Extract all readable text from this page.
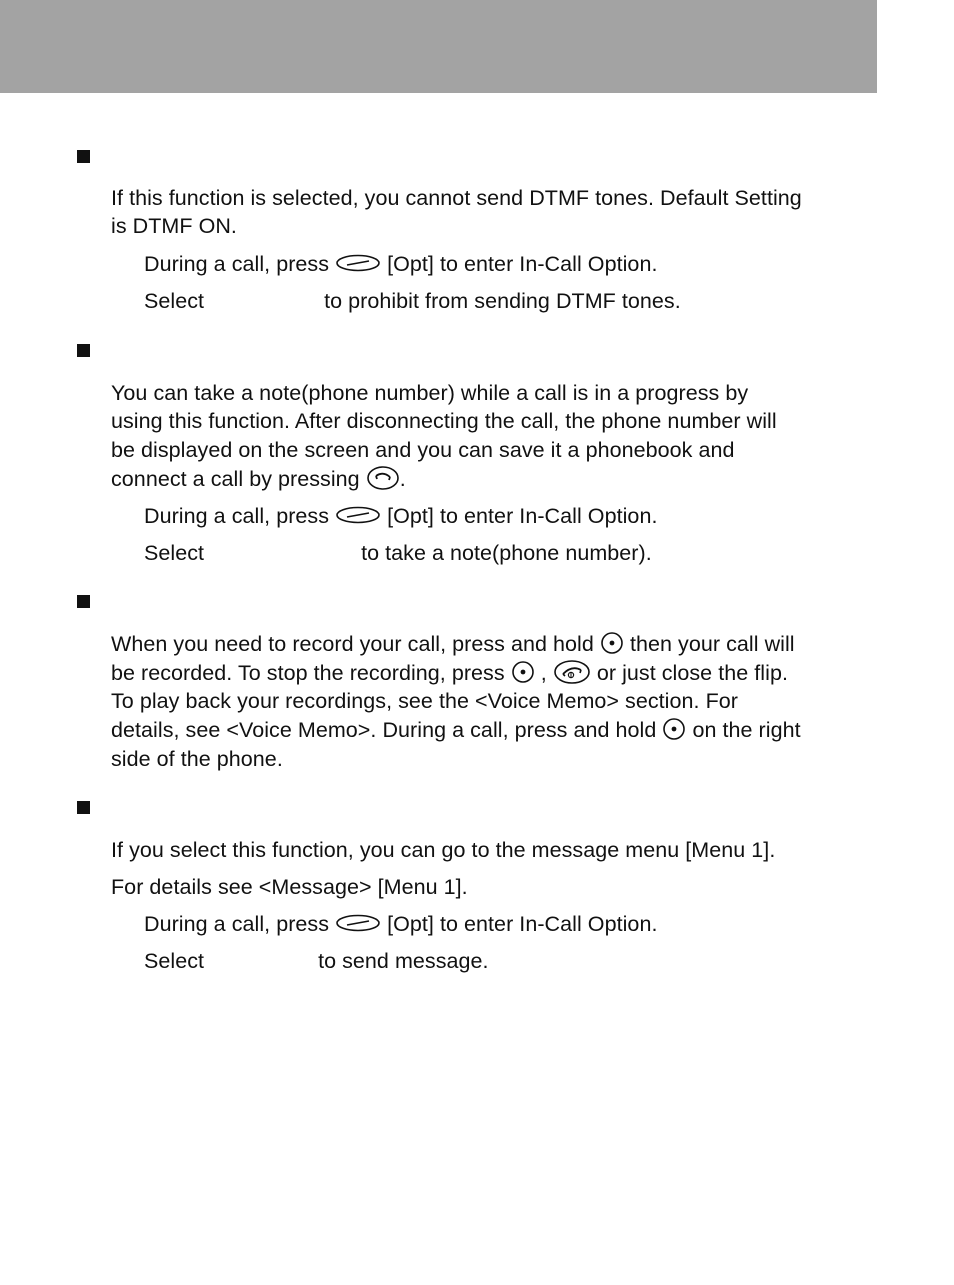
If this function is selected, you cannot send DTMF tones. Default Setting
is DTMF ON.
During a call, press	[Opt] to enter In-Call Option.
Select	to prohibit from sending DTMF tones.
You can take a note(phone number) while a call is in a progress by
using this function. After disconnecting the call, the phone number will
be displayed on the screen and you can save it a phonebook and
connect a call by pressing .
During a call, press	[Opt] to enter In-Call Option.
Select	to take a note(phone number).
When you need to record your call, press and hold then your call will
be recorded. To stop the recording, press , or just close the flip.
To play back your recordings, see the <Voice Memo> section. For
details, see <Voice Memo>. During a call, press and hold on the right
side of the phone.
If you select this function, you can go to the message menu [Menu 1].
For details see <Message> [Menu 1].
During a call, press	[Opt] to enter In-Call Option.
Select	to send message.
